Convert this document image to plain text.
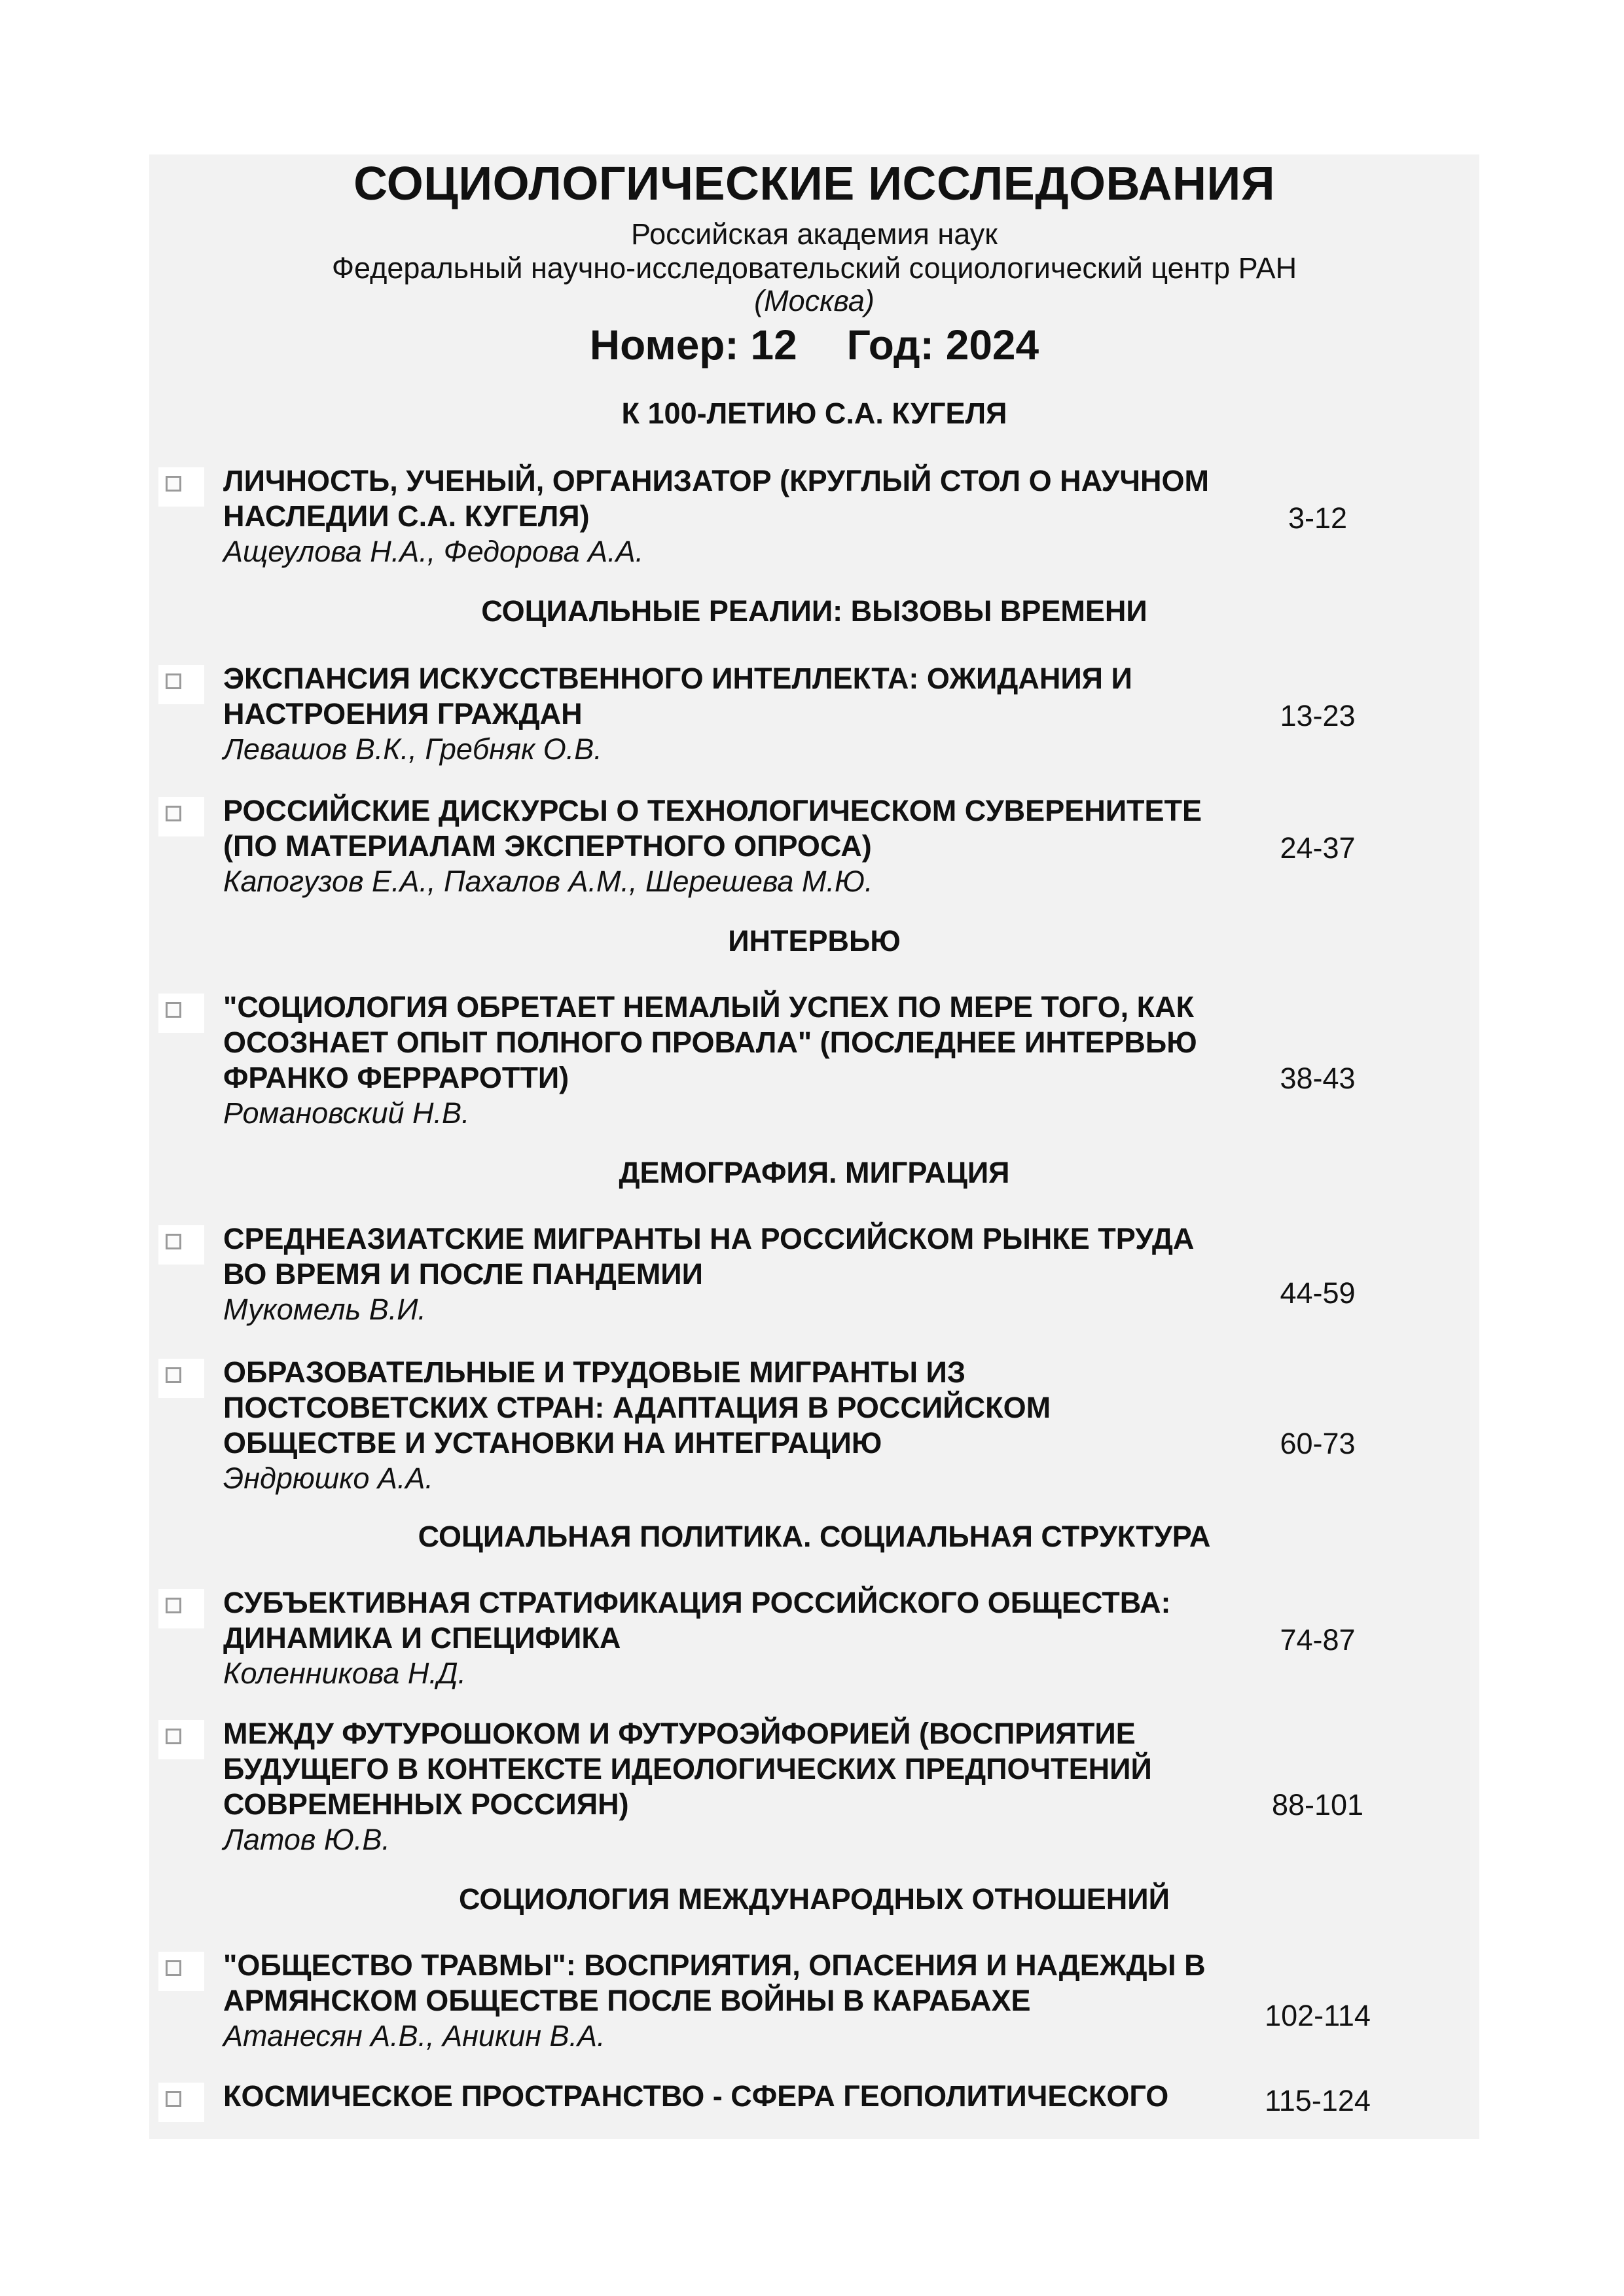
СОЦИОЛОГИЧЕСКИЕ ИССЛЕДОВАНИЯ
Российская академия наук
Федеральный научно-исследовательский социологический центр РАН
(Москва)
Номер: 12 Год: 2024
К 100-ЛЕТИЮ С.А. КУГЕЛЯ
ЛИЧНОСТЬ, УЧЕНЫЙ, ОРГАНИЗАТОР (КРУГЛЫЙ СТОЛ О НАУЧНОМ НАСЛЕДИИ С.А. КУГЕЛЯ)
Ащеулова Н.А., Федорова А.А.
3-12
СОЦИАЛЬНЫЕ РЕАЛИИ: ВЫЗОВЫ ВРЕМЕНИ
ЭКСПАНСИЯ ИСКУССТВЕННОГО ИНТЕЛЛЕКТА: ОЖИДАНИЯ И НАСТРОЕНИЯ ГРАЖДАН
Левашов В.К., Гребняк О.В.
13-23
РОССИЙСКИЕ ДИСКУРСЫ О ТЕХНОЛОГИЧЕСКОМ СУВЕРЕНИТЕТЕ (ПО МАТЕРИАЛАМ ЭКСПЕРТНОГО ОПРОСА)
Капогузов Е.А., Пахалов А.М., Шерешева М.Ю.
24-37
ИНТЕРВЬЮ
"СОЦИОЛОГИЯ ОБРЕТАЕТ НЕМАЛЫЙ УСПЕХ ПО МЕРЕ ТОГО, КАК ОСОЗНАЕТ ОПЫТ ПОЛНОГО ПРОВАЛА" (ПОСЛЕДНЕЕ ИНТЕРВЬЮ ФРАНКО ФЕРРАРОТТИ)
Романовский Н.В.
38-43
ДЕМОГРАФИЯ. МИГРАЦИЯ
СРЕДНЕАЗИАТСКИЕ МИГРАНТЫ НА РОССИЙСКОМ РЫНКЕ ТРУДА ВО ВРЕМЯ И ПОСЛЕ ПАНДЕМИИ
Мукомель В.И.	44-59
ОБРАЗОВАТЕЛЬНЫЕ И ТРУДОВЫЕ МИГРАНТЫ ИЗ ПОСТСОВЕТСКИХ СТРАН: АДАПТАЦИЯ В РОССИЙСКОМ ОБЩЕСТВЕ И УСТАНОВКИ НА ИНТЕГРАЦИЮ
Эндрюшко А.А.
60-73
СОЦИАЛЬНАЯ ПОЛИТИКА. СОЦИАЛЬНАЯ СТРУКТУРА
СУБЪЕКТИВНАЯ СТРАТИФИКАЦИЯ РОССИЙСКОГО ОБЩЕСТВА: ДИНАМИКА И СПЕЦИФИКА
Коленникова Н.Д.
74-87
МЕЖДУ ФУТУРОШОКОМ И ФУТУРОЭЙФОРИЕЙ (ВОСПРИЯТИЕ БУДУЩЕГО В КОНТЕКСТЕ ИДЕОЛОГИЧЕСКИХ ПРЕДПОЧТЕНИЙ СОВРЕМЕННЫХ РОССИЯН)
Латов Ю.В.
88-101
СОЦИОЛОГИЯ МЕЖДУНАРОДНЫХ ОТНОШЕНИЙ
"ОБЩЕСТВО ТРАВМЫ": ВОСПРИЯТИЯ, ОПАСЕНИЯ И НАДЕЖДЫ В АРМЯНСКОМ ОБЩЕСТВЕ ПОСЛЕ ВОЙНЫ В КАРАБАХЕ
Атанесян А.В., Аникин В.А.
102-114
КОСМИЧЕСКОЕ ПРОСТРАНСТВО - СФЕРА ГЕОПОЛИТИЧЕСКОГО	115-124
